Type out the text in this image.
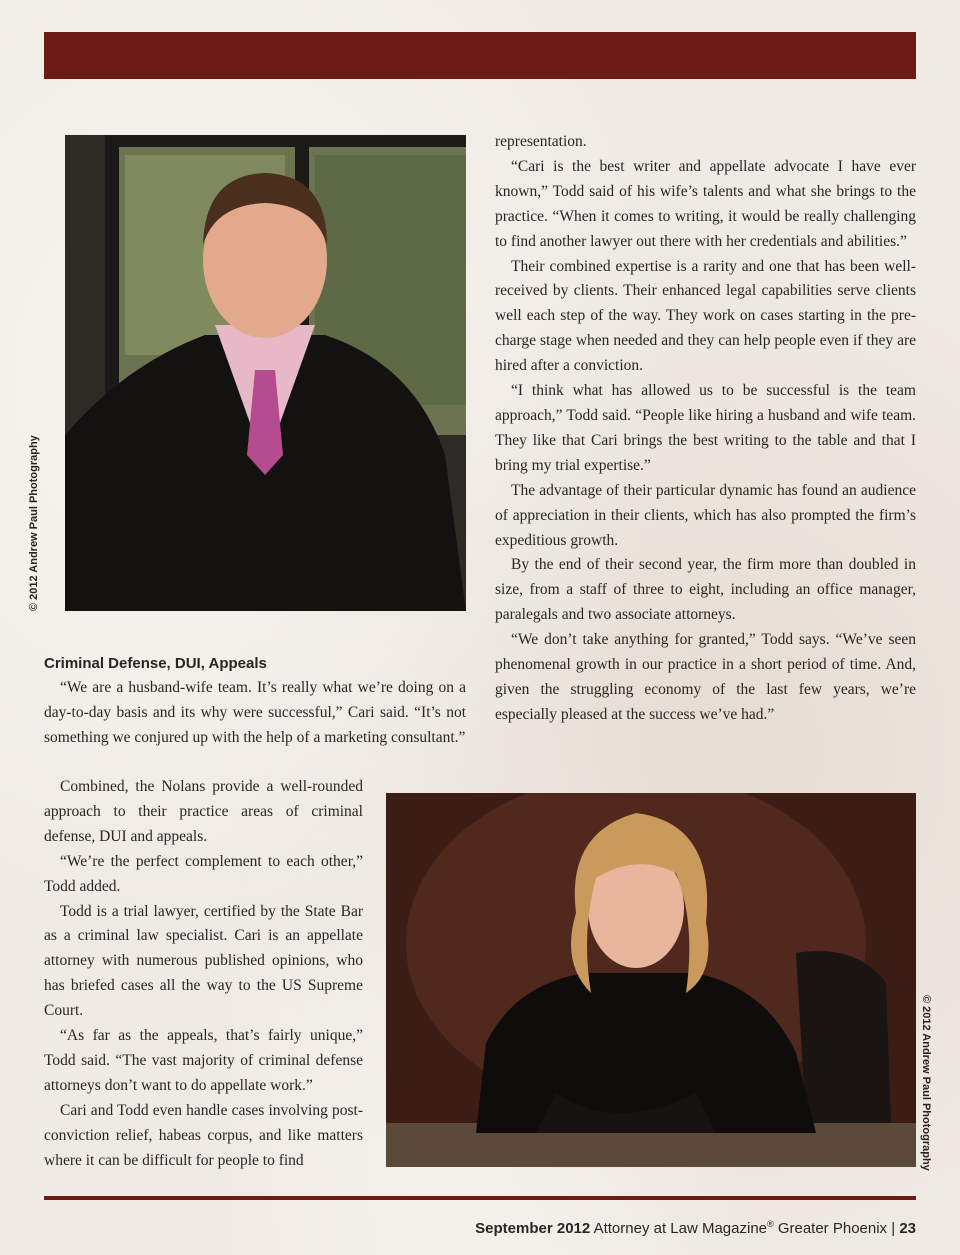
© 2012 Andrew Paul Photography

representation.

“Cari is the best writer and appellate advocate I have ever known,” Todd said of his wife’s talents and what she brings to the practice. “When it comes to writing, it would be really challenging to find another lawyer out there with her credentials and abilities.”

Their combined expertise is a rarity and one that has been well-received by clients. Their enhanced legal capabilities serve clients well each step of the way. They work on cases starting in the pre-charge stage when needed and they can help people even if they are hired after a conviction.

“I think what has allowed us to be successful is the team approach,” Todd said. “People like hiring a husband and wife team. They like that Cari brings the best writing to the table and that I bring my trial expertise.”

The advantage of their particular dynamic has found an audience of appreciation in their clients, which has also prompted the firm’s expeditious growth.

By the end of their second year, the firm more than doubled in size, from a staff of three to eight, including an office manager, paralegals and two associate attorneys.

“We don’t take anything for granted,” Todd says. “We’ve seen phenomenal growth in our practice in a short period of time. And, given the struggling economy of the last few years, we’re especially pleased at the success we’ve had.”

Criminal Defense, DUI, Appeals

“We are a husband-wife team. It’s really what we’re doing on a day-to-day basis and its why were successful,” Cari said. “It’s not something we conjured up with the help of a marketing consultant.”

Combined, the Nolans provide a well-rounded approach to their practice areas of criminal defense, DUI and appeals.

“We’re the perfect complement to each other,” Todd added.

Todd is a trial lawyer, certified by the State Bar as a criminal law specialist. Cari is an appellate attorney with numerous published opinions, who has briefed cases all the way to the US Supreme Court.

“As far as the appeals, that’s fairly unique,” Todd said. “The vast majority of criminal defense attorneys don’t want to do appellate work.”

Cari and Todd even handle cases involving post-conviction relief, habeas corpus, and like matters where it can be difficult for people to find	© 2012 Andrew Paul Photography
September 2012 Attorney at Law Magazine® Greater Phoenix | 23
